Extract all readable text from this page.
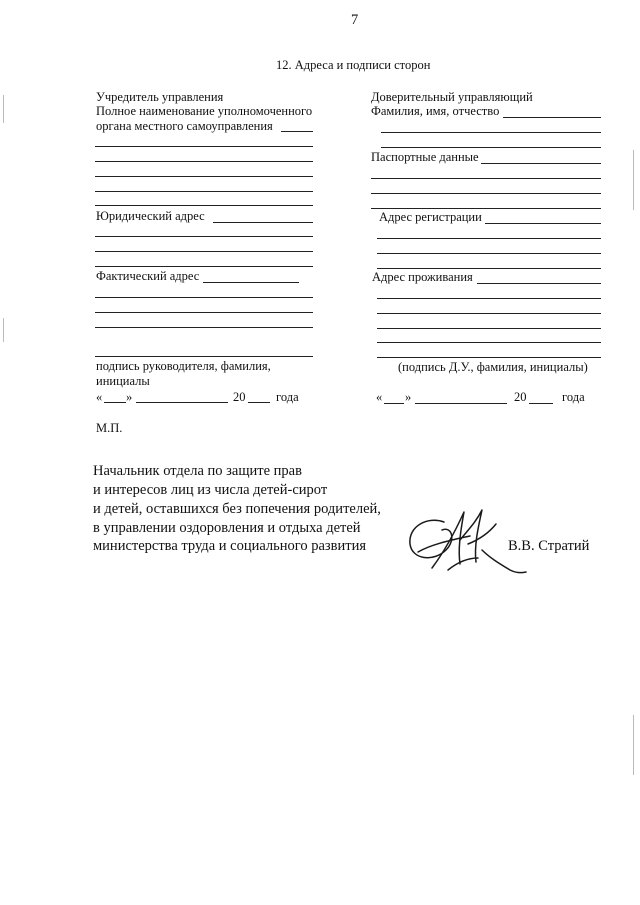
7
12. Адреса и подписи сторон
Учредитель управления
Полное наименование уполномоченного
органа местного самоуправления
Юридический адрес
Фактический адрес
подпись руководителя, фамилия,
инициалы
« »	20 года
М.П.
Доверительный управляющий
Фамилия, имя, отчество
Паспортные данные
Адрес регистрации
Адрес проживания
(подпись Д.У., фамилия, инициалы)
« »	20	года
Начальник отдела по защите прав
и интересов лиц из числа детей-сирот
и детей, оставшихся без попечения родителей,
в управлении оздоровления и отдыха детей
министерства труда и социального развития	В.В. Стратий
